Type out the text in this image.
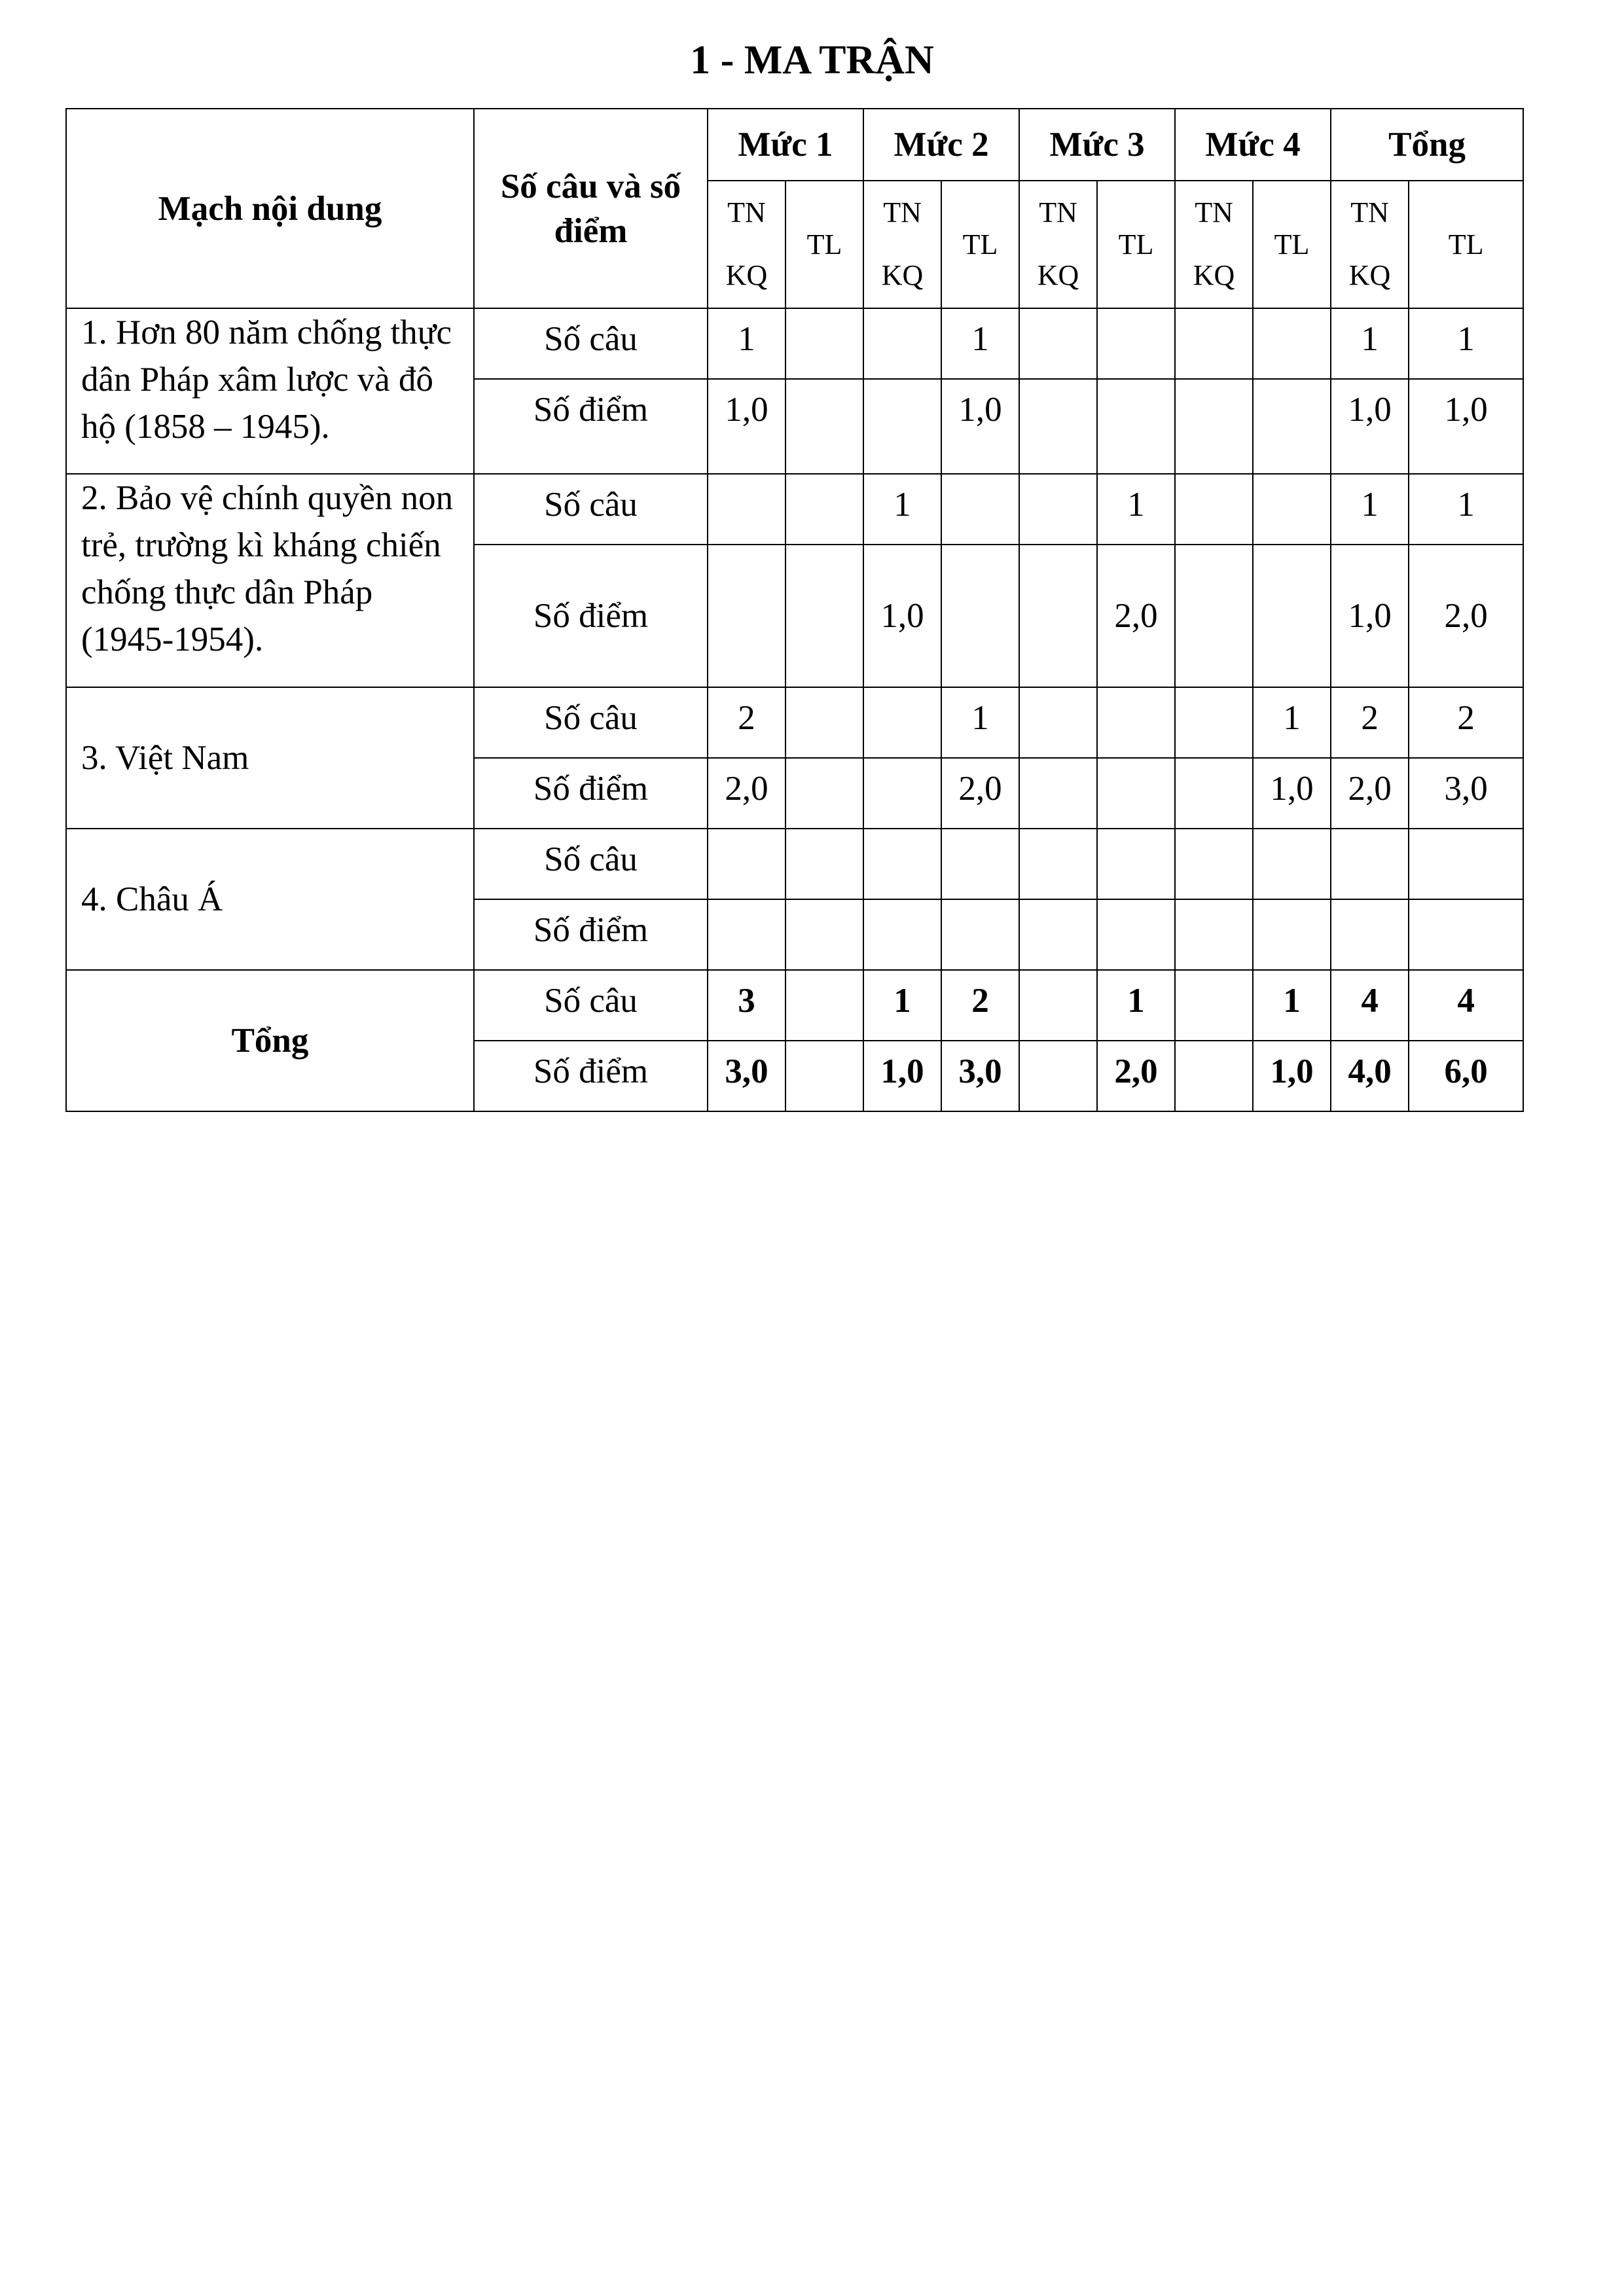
1 - MA TRẬN
Mạch nội dung	Số câu và số điểm	Mức 1		Mức 2		Mức 3		Mức 4		Tổng	
		TN KQ	TL	TN KQ	TL	TN KQ	TL	TN KQ	TL	TN KQ	TL
1. Hơn 80 năm chống thực dân Pháp xâm lược và đô hộ (1858 – 1945).	Số câu	1			1					1	1
	Số điểm	1,0			1,0					1,0	1,0
2. Bảo vệ chính quyền non trẻ, trường kì kháng chiến chống thực dân Pháp (1945-1954).	Số câu			1			1			1	1
	Số điểm			1,0			2,0			1,0	2,0
3. Việt Nam	Số câu	2			1				1	2	2
	Số điểm	2,0			2,0				1,0	2,0	3,0
4. Châu Á	Số câu										
	Số điểm										
Tổng	Số câu	3		1	2		1		1	4	4
	Số điểm	3,0		1,0	3,0		2,0		1,0	4,0	6,0
